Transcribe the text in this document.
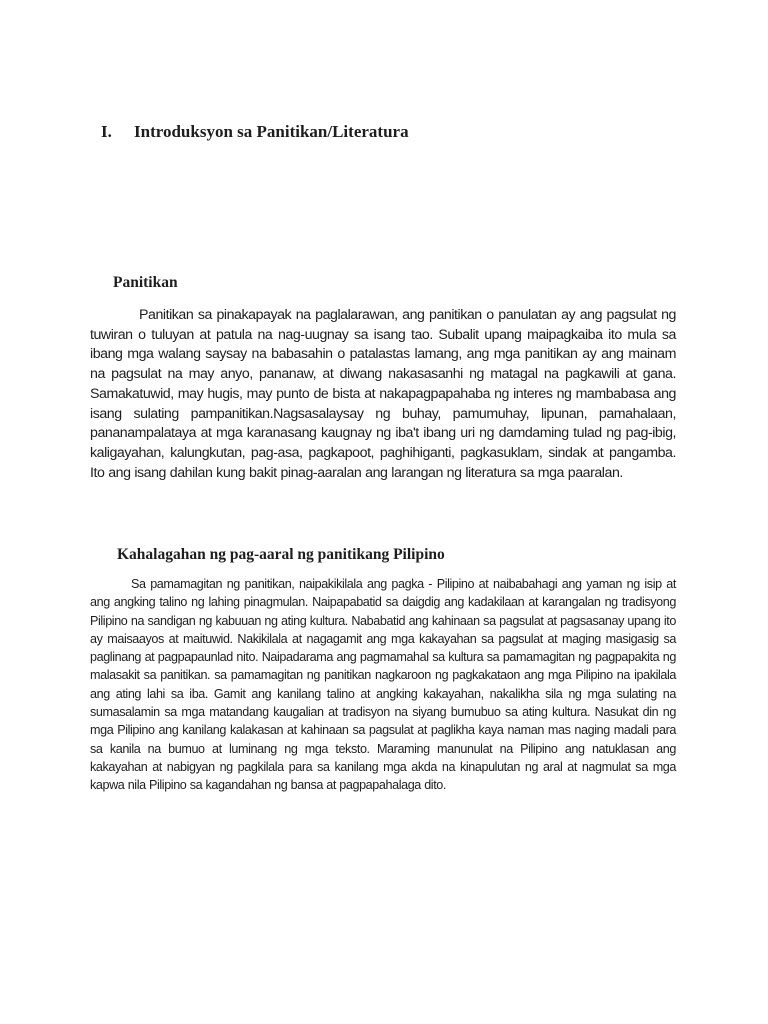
I. Introduksyon sa Panitikan/Literatura
Panitikan

Panitikan sa pinakapayak na paglalarawan, ang panitikan o panulatan ay ang pagsulat ng tuwiran o tuluyan at patula na nag-uugnay sa isang tao. Subalit upang maipagkaiba ito mula sa ibang mga walang saysay na babasahin o patalastas lamang, ang mga panitikan ay ang mainam na pagsulat na may anyo, pananaw, at diwang nakasasanhi ng matagal na pagkawili at gana. Samakatuwid, may hugis, may punto de bista at nakapagpapahaba ng interes ng mambabasa ang isang sulating pampanitikan.Nagsasalaysay ng buhay, pamumuhay, lipunan, pamahalaan, pananampalataya at mga karanasang kaugnay ng iba't ibang uri ng damdaming tulad ng pag-ibig, kaligayahan, kalungkutan, pag-asa, pagkapoot, paghihiganti, pagkasuklam, sindak at pangamba. Ito ang isang dahilan kung bakit pinag-aaralan ang larangan ng literatura sa mga paaralan.

Kahalagahan ng pag-aaral ng panitikang Pilipino

Sa pamamagitan ng panitikan, naipakikilala ang pagka - Pilipino at naibabahagi ang yaman ng isip at ang angking talino ng lahing pinagmulan. Naipapabatid sa daigdig ang kadakilaan at karangalan ng tradisyong Pilipino na sandigan ng kabuuan ng ating kultura. Nababatid ang kahinaan sa pagsulat at pagsasanay upang ito ay maisaayos at maituwid. Nakikilala at nagagamit ang mga kakayahan sa pagsulat at maging masigasig sa paglinang at pagpapaunlad nito. Naipadarama ang pagmamahal sa kultura sa pamamagitan ng pagpapakita ng malasakit sa panitikan. sa pamamagitan ng panitikan nagkaroon ng pagkakataon ang mga Pilipino na ipakilala ang ating lahi sa iba. Gamit ang kanilang talino at angking kakayahan, nakalikha sila ng mga sulating na sumasalamin sa mga matandang kaugalian at tradisyon na siyang bumubuo sa ating kultura. Nasukat din ng mga Pilipino ang kanilang kalakasan at kahinaan sa pagsulat at paglikha kaya naman mas naging madali para sa kanila na bumuo at luminang ng mga teksto. Maraming manunulat na Pilipino ang natuklasan ang kakayahan at nabigyan ng pagkilala para sa kanilang mga akda na kinapulutan ng aral at nagmulat sa mga kapwa nila Pilipino sa kagandahan ng bansa at pagpapahalaga dito.
